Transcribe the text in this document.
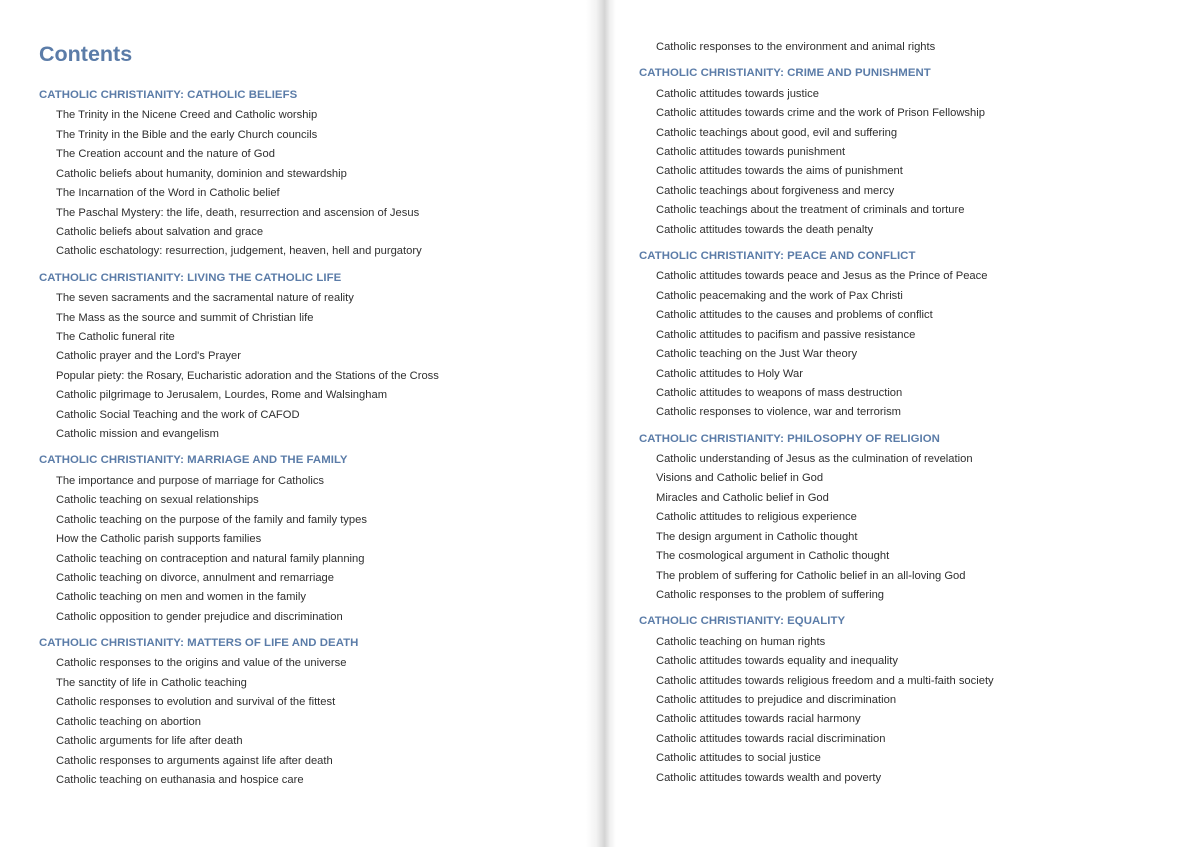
Contents
CATHOLIC CHRISTIANITY: CATHOLIC BELIEFS
The Trinity in the Nicene Creed and Catholic worship
The Trinity in the Bible and the early Church councils
The Creation account and the nature of God
Catholic beliefs about humanity, dominion and stewardship
The Incarnation of the Word in Catholic belief
The Paschal Mystery: the life, death, resurrection and ascension of Jesus
Catholic beliefs about salvation and grace
Catholic eschatology: resurrection, judgement, heaven, hell and purgatory
CATHOLIC CHRISTIANITY: LIVING THE CATHOLIC LIFE
The seven sacraments and the sacramental nature of reality
The Mass as the source and summit of Christian life
The Catholic funeral rite
Catholic prayer and the Lord's Prayer
Popular piety: the Rosary, Eucharistic adoration and the Stations of the Cross
Catholic pilgrimage to Jerusalem, Lourdes, Rome and Walsingham
Catholic Social Teaching and the work of CAFOD
Catholic mission and evangelism
CATHOLIC CHRISTIANITY: MARRIAGE AND THE FAMILY
The importance and purpose of marriage for Catholics
Catholic teaching on sexual relationships
Catholic teaching on the purpose of the family and family types
How the Catholic parish supports families
Catholic teaching on contraception and natural family planning
Catholic teaching on divorce, annulment and remarriage
Catholic teaching on men and women in the family
Catholic opposition to gender prejudice and discrimination
CATHOLIC CHRISTIANITY: MATTERS OF LIFE AND DEATH
Catholic responses to the origins and value of the universe
The sanctity of life in Catholic teaching
Catholic responses to evolution and survival of the fittest
Catholic teaching on abortion
Catholic arguments for life after death
Catholic responses to arguments against life after death
Catholic teaching on euthanasia and hospice care
Catholic responses to the environment and animal rights
CATHOLIC CHRISTIANITY: CRIME AND PUNISHMENT
Catholic attitudes towards justice
Catholic attitudes towards crime and the work of Prison Fellowship
Catholic teachings about good, evil and suffering
Catholic attitudes towards punishment
Catholic attitudes towards the aims of punishment
Catholic teachings about forgiveness and mercy
Catholic teachings about the treatment of criminals and torture
Catholic attitudes towards the death penalty
CATHOLIC CHRISTIANITY: PEACE AND CONFLICT
Catholic attitudes towards peace and Jesus as the Prince of Peace
Catholic peacemaking and the work of Pax Christi
Catholic attitudes to the causes and problems of conflict
Catholic attitudes to pacifism and passive resistance
Catholic teaching on the Just War theory
Catholic attitudes to Holy War
Catholic attitudes to weapons of mass destruction
Catholic responses to violence, war and terrorism
CATHOLIC CHRISTIANITY: PHILOSOPHY OF RELIGION
Catholic understanding of Jesus as the culmination of revelation
Visions and Catholic belief in God
Miracles and Catholic belief in God
Catholic attitudes to religious experience
The design argument in Catholic thought
The cosmological argument in Catholic thought
The problem of suffering for Catholic belief in an all-loving God
Catholic responses to the problem of suffering
CATHOLIC CHRISTIANITY: EQUALITY
Catholic teaching on human rights
Catholic attitudes towards equality and inequality
Catholic attitudes towards religious freedom and a multi-faith society
Catholic attitudes to prejudice and discrimination
Catholic attitudes towards racial harmony
Catholic attitudes towards racial discrimination
Catholic attitudes to social justice
Catholic attitudes towards wealth and poverty
